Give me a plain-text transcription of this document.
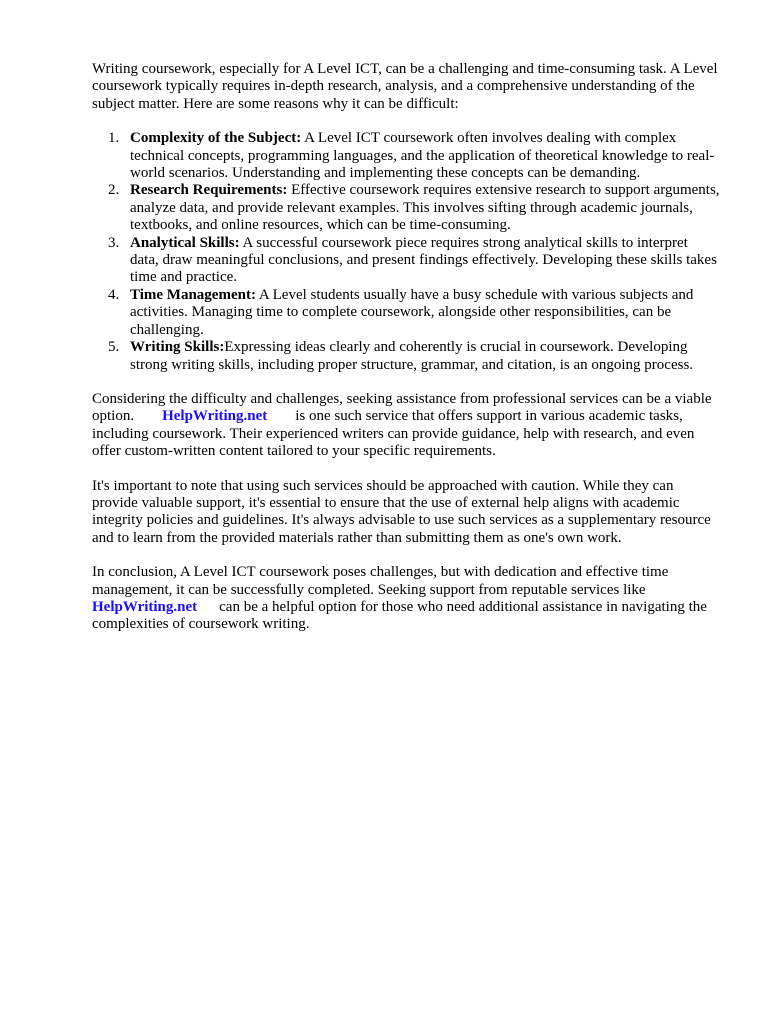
Writing coursework, especially for A Level ICT, can be a challenging and time-consuming task. A Level coursework typically requires in-depth research, analysis, and a comprehensive understanding of the subject matter. Here are some reasons why it can be difficult:

1. Complexity of the Subject: A Level ICT coursework often involves dealing with complex technical concepts, programming languages, and the application of theoretical knowledge to real-world scenarios. Understanding and implementing these concepts can be demanding.
2. Research Requirements: Effective coursework requires extensive research to support arguments, analyze data, and provide relevant examples. This involves sifting through academic journals, textbooks, and online resources, which can be time-consuming.
3. Analytical Skills: A successful coursework piece requires strong analytical skills to interpret data, draw meaningful conclusions, and present findings effectively. Developing these skills takes time and practice.
4. Time Management: A Level students usually have a busy schedule with various subjects and activities. Managing time to complete coursework, alongside other responsibilities, can be challenging.
5. Writing Skills:Expressing ideas clearly and coherently is crucial in coursework. Developing strong writing skills, including proper structure, grammar, and citation, is an ongoing process.

Considering the difficulty and challenges, seeking assistance from professional services can be a viable option. HelpWriting.net is one such service that offers support in various academic tasks, including coursework. Their experienced writers can provide guidance, help with research, and even offer custom-written content tailored to your specific requirements.

It's important to note that using such services should be approached with caution. While they can provide valuable support, it's essential to ensure that the use of external help aligns with academic integrity policies and guidelines. It's always advisable to use such services as a supplementary resource and to learn from the provided materials rather than submitting them as one's own work.

In conclusion, A Level ICT coursework poses challenges, but with dedication and effective time management, it can be successfully completed. Seeking support from reputable services like HelpWriting.net can be a helpful option for those who need additional assistance in navigating the complexities of coursework writing.
